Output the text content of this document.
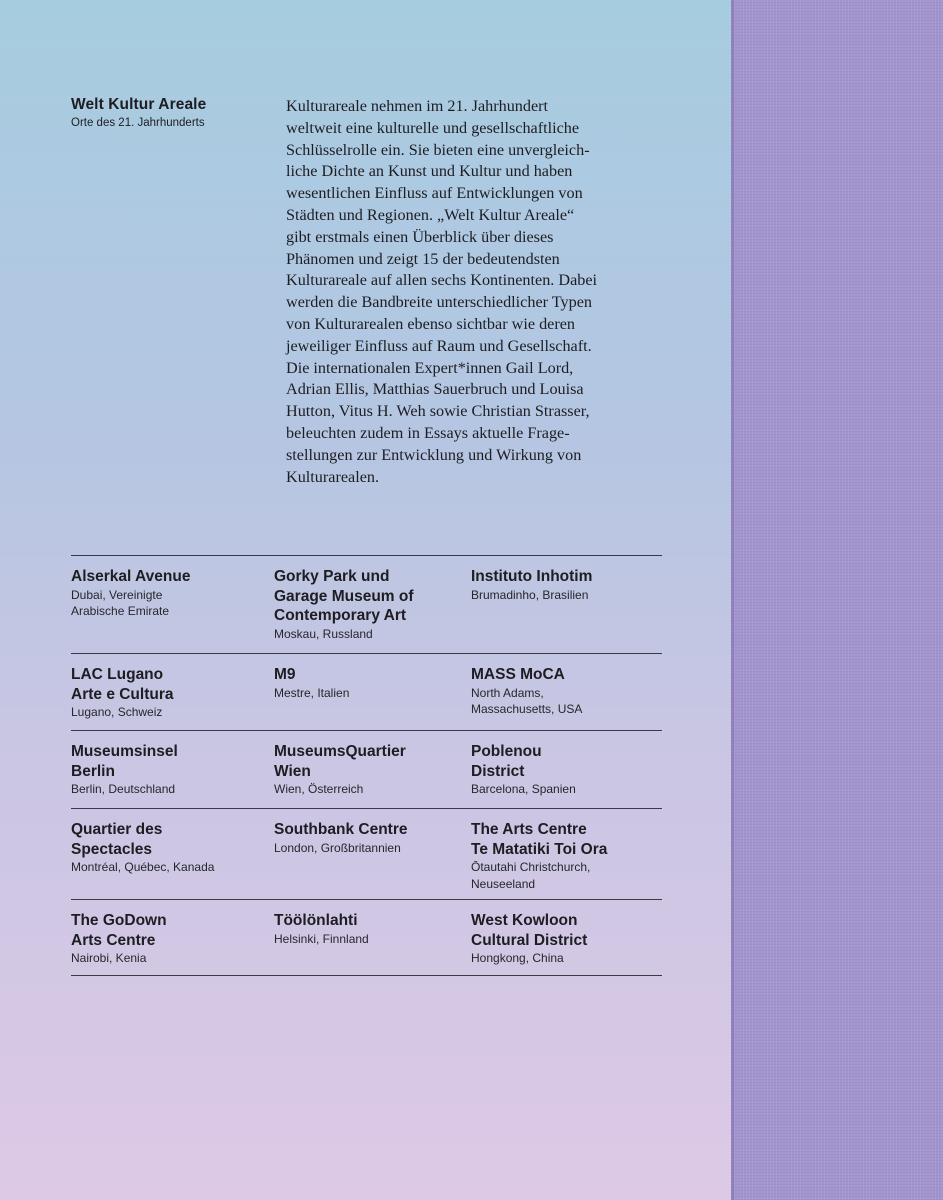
Welt Kultur Areale
Orte des 21. Jahrhunderts
Kulturareale nehmen im 21. Jahrhundert
weltweit eine kulturelle und gesellschaftliche
Schlüsselrolle ein. Sie bieten eine unvergleich-
liche Dichte an Kunst und Kultur und haben
wesentlichen Einfluss auf Entwicklungen von
Städten und Regionen. „Welt Kultur Areale“
gibt erstmals einen Überblick über dieses
Phänomen und zeigt 15 der bedeutendsten
Kulturareale auf allen sechs Kontinenten. Dabei
werden die Bandbreite unterschiedlicher Typen
von Kulturarealen ebenso sichtbar wie deren
jeweiliger Einfluss auf Raum und Gesellschaft.
Die internationalen Expert*innen Gail Lord,
Adrian Ellis, Matthias Sauerbruch und Louisa
Hutton, Vitus H. Weh sowie Christian Strasser,
beleuchten zudem in Essays aktuelle Frage-
stellungen zur Entwicklung und Wirkung von
Kulturarealen.
Alserkal Avenue
Dubai, Vereinigte
Arabische Emirate
Gorky Park und
Garage Museum of
Contemporary Art
Moskau, Russland
Instituto Inhotim
Brumadinho, Brasilien
LAC Lugano
Arte e Cultura
Lugano, Schweiz
M9
Mestre, Italien
MASS MoCA
North Adams,
Massachusetts, USA
Museumsinsel
Berlin
Berlin, Deutschland
MuseumsQuartier
Wien
Wien, Österreich
Poblenou
District
Barcelona, Spanien
Quartier des
Spectacles
Montréal, Québec, Kanada
Southbank Centre
London, Großbritannien
The Arts Centre
Te Matatiki Toi Ora
Ōtautahi Christchurch,
Neuseeland
The GoDown
Arts Centre
Nairobi, Kenia
Töölönlahti
Helsinki, Finnland
West Kowloon
Cultural District
Hongkong, China
